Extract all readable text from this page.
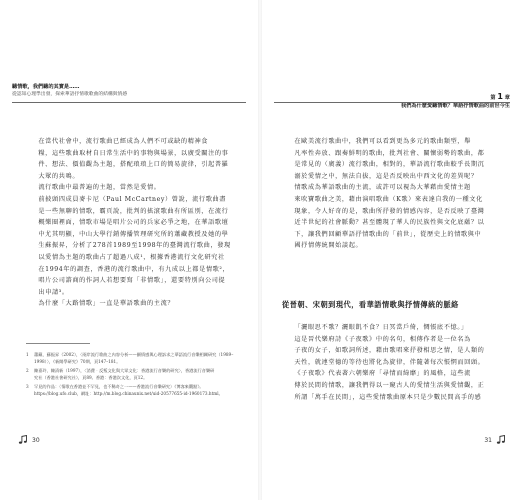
聽情歌，我們聽的其實是……
從認知心理學出發，探索華語抒情歌歌曲的結構與情感
在當代社會中，流行歌曲已經成為人們不可或缺的精神食
糧，這些歌曲取材自日常生活中的事物與場景，以廣受關注的事
件、想法、價值觀為主題，搭配琅琅上口的簡易旋律，引起普羅
大眾的共鳴。
流行歌曲中最普遍的主題，當然是愛情。
前披頭四成員麥卡尼（Paul McCartney）曾說，流行歌曲盡
是一些無聊的情歌，霸頁說，批判的搖滾歌曲有所區別，在流行
概樂圈裡面，情歌市場是唱片公司的兵家必爭之地，在華語歌壇
中尤其明顯，中山大學行銷傳播管理研究所的蕭藏教授及她的學
生蘇振昇，分析了278首1989至1998年的臺灣流行歌曲，發現
以愛情為主題的歌曲占了超過八成¹，根據香港流行文化研究社
在1994年的調查，香港的流行歌曲中，有九成以上都是情歌²，
唱片公司諮商的作詞人若想要寫「非情歌」，還要特別向公司提
出申請³。
為什麼「大路情歌」一直是華語歌曲的主流？
1	蕭藏、蘇振昇（2002），〈兩岸流行歌曲之內容分析——顯情感與心理訴求之華語流行音樂相關研究（1989–
1998）〉，《新聞學研究》70期，頁147–181。
2	陳嘉玲、陳清新（1997），〈消費‧反叛文化與大眾文化：香港流行音樂的研究〉，香港流行音樂研
究社（香港社會研究社），頁89。香港：香港次文化，頁12。
3	罕見的作品：〈情歌在香港並不罕見，也不稀奇之一——香港流行音樂研究〉《博客來觀點》。
https://blog.ufo.club，網址：http://m.blog.chinaunix.net/uid-20577655-id-1960173.html。
30
第 1 章
我們為什麼愛聽情歌？華語抒情歌曲的前世今生
在歐美流行歌曲中，我們可以看到更為多元的歌曲類型，舉
凡率性奔放、跟奏鮮明的歌曲，批判社會、關懷弱勢的歌曲，都
是常見的（廣義）流行歌曲，相對的，華語流行歌曲較乎長期沉
溺於愛情之中，無法自拔，這是否反映出中西文化的差異呢？
情歌成為華語歌曲的主流，或許可以視為大華藉由愛情主題
來吹寶歌曲之美，藉由演唱歌曲（K歌）來表達自我的一種文化
現象，令人好奇的是，歌曲所抒發的情感內容，是否反映了臺灣
近半世紀的社會脈動？甚至體現了華人的民族性與文化底蘊？以
下，讓我們回顧華語抒情歌曲的「前世」，從歷史上的情歌與中
國抒情傳統開始談起。
從晉朝、宋朝到現代，看華語情歌與抒情傳統的脈絡
「灑眼思不歌？灑眼飢不食？日冥當戶倚，惆悵底不憶。」
這是晉代樂府詩《子夜歌》中的名句，相傳作者是一位名為
子夜的女子，如歌詞所述，藉由歌唱來抒發相思之情，是人類的
天性，就連堂德的等待也將化為旋律，伴隨著每次悵惘而回頭。
《子夜歌》代表著六朝樂府「尋情而綺靡」的風格，這些流
傳於民間的情歌，讓我們得以一窺古人的愛情生活與愛情觀，正
所謂「萬手在民間」，這些愛情歌曲原本只是少數民間高手的感
31
